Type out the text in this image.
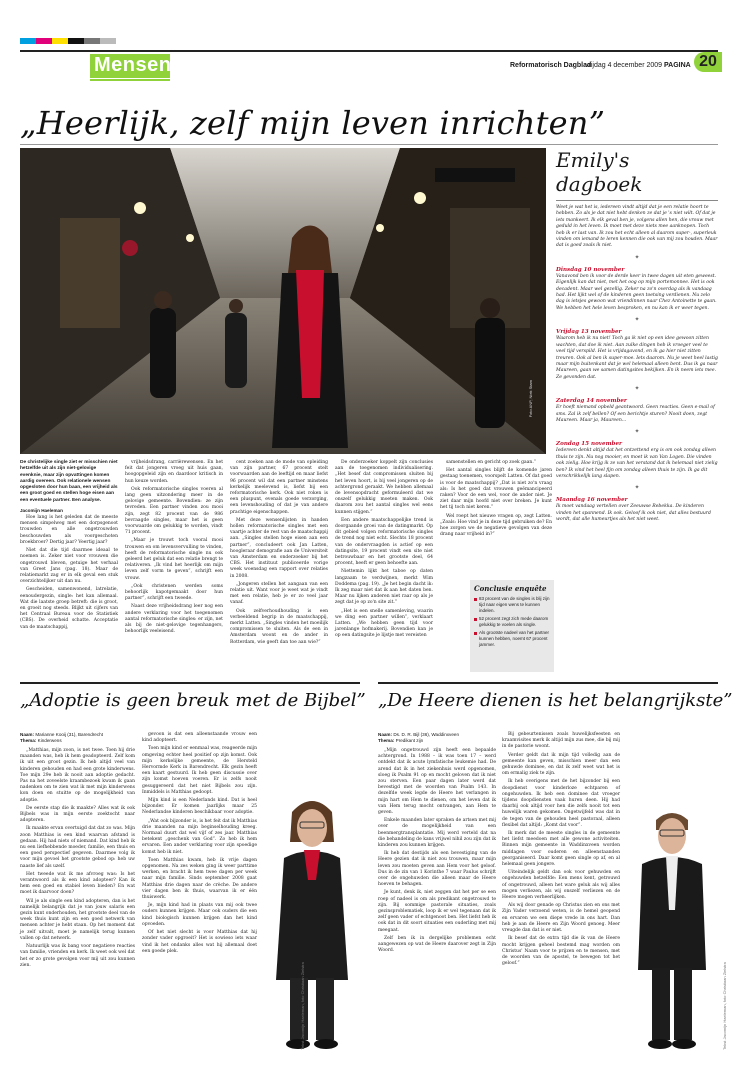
Mensen	Reformatorisch Dagblad
vrijdag 4 december 2009 PAGINA 20
„Heerlijk, zelf mijn leven inrichten”
Foto ANP, Niek Stam
Emily's dagboek
Weet je wat het is, iedereen vindt altijd dat je een relatie hoort te hebben. Zo als je dat niet hebt denken ze dat je 's niet wilt. Of dat je iets mankeert. Ik elk geval ben je, volgens allen hen, die vrouw met geduld in het leven. Ik moet met deze niets mee aanknopen. Toch heb ik er last van. Ik zou het echt alleen al daarom super-, superleuk vinden om iemand te leren kennen die ook van mij zou houden. Maar dat is goed zoals ik niet.
✦
Dinsdag 10 november
Vanavond ben ik voor de derde keer in twee dagen uit eten geweest. Eigenlijk kan dat niet, met het oog op mijn portemonnee. Het is ook decadent. Maar wel gezellig. Zeker na zo'n overdag als ik vandaag had. Het lijkt wel of de kinderen geen toetsing verdienen. Nu zelo dag is ietsjes gewoon wat vriendinnen naar Chez Antoinette te gaan. We hebben het hele leven besproken, en nu kan ik er weer tegen.
✦
Vrijdag 13 november
Waarom heb ik nu niet! Toch ga ik niet op een idee gewoon zitten wachten, dat doe ik niet. Aan zulke dingen heb ik vroeger veel te veel tijd verspild. Het is vrijdagavond, en ik ga hier niet zitten treuren. Ook al ben ik super-moe. Iets daarom. Nu je weet heel lastig maar mijn buitenkant dat je wel helemaal alleen bent. Dus ik ga naar Maureen, gaan we samen datingsites bekijken. En ik neem iets mee. Ze gevonden dat.
✦
Zaterdag 14 november
Er hoeft niemand opbeld geantwoord. Geen reacties. Geen e-mail of sms. Zal ik zelf bellen? Of een berichtje sturen? Nooit doen, zegt Maureen. Maar ja, Maureen...
✦
Zondag 15 november
Iedereen denkt altijd dat het ontzettend erg is om ook zondag alleen thuis te zijn. Nu nog mooier, en moet ik van Van Logen. Die vinden ook zielig. Hoe krijg ik ze van het verstand dat ik helemaal niet zielig ben? Ik vind het heel fijn om zondag alleen thuis te zijn. Ik ga dit verschrikkelijk lang slapen.
✦
Maandag 16 november
Ik moet vandaag vertellen over Zeeuwse Rebekka. De kinderen vinden het spannend. Ik ook. Geloof ik ook niet, dat alles bestuurd wordt, dat alle humeurtjes als het niet weet.
De christelijke single ziet er misschien niet hetzelfde uit als zijn niet-gelovige evenknie, maar zijn opvattingen komen aardig overeen. Ook relationele wensen opgesloten door hun baan, een vrijheid als een groot goed en stellen hoge eisen aan een eventuele partner. Een analyse.

Jacomijn Haeleman

Hoe lang is het geleden dat de meeste mensen simpelweg met een dorpsgenoot trouwden en alle ongetrouwden beschouwden als voorgeschoten broekbroer? Dertig jaar? Veertig jaar?

Niet dat die tijd daarmee ideaal te noemen is. Zeker niet voor vrouwen die ongetrouwd bleven, getuige het verhaal van Greet Jans (pag. 18). Maar de relatiemarkt zag er in elk geval een stuk overzichtelijker uit dan nu.

Gescheiden, samenwonend, latrelatie, eenoudergezin, single: het kan allemaal. Wat die laatste groep betreft: die is groot, en groeit nog steeds. Blijkt uit cijfers van het Centraal Bureau voor de Statistiek (CBS). De overheid schatte. Acceptatie van de maatschappij,

vrijheidsdrang, carrièrewensen. En het feit dat jongeren vroeg uit huis gaan, hoogopgeleid zijn en daardoor kritisch in hun keuze worden.

Ook reformatorische singles voeren al lang geen uitzondering meer in de gelovige gemeente. Bovendien: ze zijn tevreden. Een partner vinden zou mooi zijn, zegt 82 procent van de 986 bevraagde singles, maar het is geen voorwaarde om gelukkig te worden, vindt 71 procent.

„Maar je trouwt toch vooral mooi trouwen en om levensvervulling te vinden, heeft de reformatorische single nu ook geleerd het geluk dat een relatie brengt te relativeren. „Ik vind het heerlijk om mijn leven zelf vorm te geven”, schrijft een vrouw.

„Ook christenen werden soms behoorlijk kapotgemaakt door hun partner”, schrijft een tweede.

Naast deze vrijheidsdrang leer nog een andere verklaring voor het toegenomen aantal reformatorische singles: er zijn, net als bij de niet-gelovige tegenhangers, behoorlijk veeleisend.

cent zoeken aan de mode van opleiding van zijn partner, 67 procent stelt voorwaarden aan de leeftijd en maar liefst 96 procent wil dat een partner minstens kerkelijk meelevend is, liefst bij een reformatorische kerk. Ook niet roken is een pluspunt, evenals goede verzorging, een levenshouding of dat je van andere prachtige eigenschappen.

Met deze wensenlijsten in handen hollen reformatorische singles met een vaartje achter de rest van de maatschappij aan. „Singles stellen hoge eisen aan een partner”, concludeert ook Jan Latten, hoogleraar demografie aan de Universiteit van Amsterdam en onderzoeker bij het CBS. Het instituut publiceerde vorige week woensdag een rapport over relaties in 2008.

„Jongeren stellen het aangaan van een relatie uit. Want voor je weet wat je vindt met een relatie, heb je er zo veel jaar vanaf.

Ook zelfverhoudhouding is een verbeeldend begrip in de maatschappij, merkt Latten. „Singles vinden het moeilijk compromissen te sluiten. Als de een in Amsterdam woont en de ander in Rotterdam, wie geeft dan toe aan wie?”

De onderzoeker koppelt zijn conclusies aan de toegenomen individualisering. „Het besef dat compromissen sluiten bij het leven hoort, is bij veel jongeren op de achtergrond geraakt. We hebben allemaal de levensopdracht geformuleerd dat we onszelf gelukkig moeten maken. Ook daarom zou het aantal singles wel eens kunnen stijgen.”

Een andere maatschappelijke trend is doorgaande groei van de datingmarkt. Op dit gebied volgen reformatorische singles de trend nog niet echt. Slechts 18 procent van de ondervraagden is actief op een datingsite, 19 procent vindt een site niet betrouwbaar en het grootste deel, 64 procent, heeft er geen behoefte aan.

Niettemin lijkt het taboe op daten langzaam te verdwijnen, merkt Wim Doddema (pag. 19). „Je het begin dacht ik: Ik zeg maar niet dat ik aan het daten ben. Maar nu lijken anderen niet raar op als je zegt dat je op zo'n site zit.”

„Het is een snelle samenleving, waarin we ding een partner willen”, verklaart Latten. „We hebben geen tijd voor jarenlange hofmakerij. Bovendien kan je op een datingsite je lijstje met vereisten

samenstellen en gericht op zoek gaan.”

Het aantal singles blijft de komende jaren gestaag toenemen, voorspelt Latten. Of dat goed is voor de maatschappij? „Dat is niet zo'n vraag als: Is het goed dat vrouwen geëmancipeerd raken? Voor de een wel, voor de ander niet. Je ziet daar mijn hoofd niet over breken. Je kunt het tij toch niet keren.”

Wel roept het nieuwe vragen op, zegt Latten. „Zoals: Hoe vind je in deze tijd gebruiken de? En hoe zorgen we de negatieve gevolgen van deze drang naar vrijheid in?”

Conclusie enquête
83 procent van de singles is blij zijn tijd naar eigen wens te kunnen indelen.
52 procent zegt zich mede daarom gelukkig te voelen als single.
Als grootste nadeel van het partner kunnen hebben, noemt 67 procent jammer.
„Adoptie is geen breuk met de Bijbel”
Naam: Marianne Kooij (31), Barendrecht
Thema: Kinderwens

„Matthias, mijn zoon, is net twee. Toen hij drie maanden was, heb ik hem geadopteerd. Zelf kom ik uit een groot gezin. Ik heb altijd veel van kinderen gehouden en had een grote kinderwens. Toe mijn 29e heb ik nooit aan adoptie gedacht. Pas na het zoveelste kraambezoek kwam ik gaan nadenken om te zien wat ik met mijn kinderwens kon doen en stuitte op de mogelijkheid van adoptie.

De eerste stap die ik maakte? Alles wat ik ook Bijbels was in mijn eerste zoektocht naar adopteren.

Ik maakte ervan overtuigd dat dat zo was. Mijn zoon Matthias is een kind waarvan afstand is gedaan. Hij had niets of niemand. Dat kind heb ik nu een liefhebbende moeder, familie, een thuis en een goed perspectief gegeven. Daarmee volg ik voor mijn gevoel het grootste gebod op: heb uw naaste lief als uzelf.

Het tweede wat ik me afvroeg was: Is het verantwoord als ik een kind adopteer? Kan ik hem een goed en stabiel leven bieden? En wat moet ik daarvoor doen?

Wil je als single een kind adopteren, dan is het namelijk belangrijk dat je van jouw salaris een gezin kunt onderhouden, het grootste deel van de week thuis kunt zijn en een goed netwerk van mensen achter je hebt staan. Op het moment dat je zelf uitvalt, moet je namelijk terug kunnen vallen op dat netwerk.

Natuurlijk was ik bang voor negatieve reacties van familie, vrienden en kerk. Ik weet ook wel dat het er zo grote gevolgen voor mij uit zou kunnen zien.

gevoon is dat een alleenstaande vrouw een kind adopteert.

Toen mijn kind er eenmaal was, reageerde mijn omgeving echter heel positief op zijn komst. Ook mijn kerkelijke gemeente, de Hersteld Hervormde Kerk in Barendrecht. Elk gezin heeft een kaart gestuurd. Ik heb geen discussie over zijn komst hoeven voeren. Er is zelfs nooit gesuggereerd dat het niet Bijbels zou zijn. Inmiddels is Matthias gedoopt.

Mijn kind is een Nederlands kind. Dat is heel bijzonder. Er komen jaarlijks maar 25 Nederlandse kinderen beschikbaar voor adoptie.

„Wat ook bijzonder is, is het feit dat ik Matthias drie maanden na mijn beginselhouding kreeg. Normaal duurt dat wel vijf of zes jaar. Matthias betekent „geschenk van God”. Zo heb ik hem ervaren. Een ander verklaring voor zijn spoedige komst heb ik niet.

Toen Matthias kwam, heb ik vrije dagen opgenomen. Na zes weken ging ik weer parttime werken, en bracht ik hem twee dagen per week naar mijn familie. Sinds september 2008 gaat Matthias drie dagen naar de crèche. De andere vier dagen ben ik thuis, waarvan ik er één thuiswerk.

Je, mijn kind had in plaats van mij ook twee ouders kunnen krijgen. Maar ook ouders die een kind biologisch kunnen krijgen dan het kind opvoeden.

Of het niet slecht is voor Matthias dat hij zonder vader opgroeit? Het is sowieso iets waar vind ik het ondanks alles wat hij allemaal doet een goede plek.

Tekst Jacomijn Haeleman, foto Christiaan Zielstra
„De Heere dienen is het belangrijkste”
Naam: Ds. D. R. Bijl (36), Waddinxveen
Thema: Predikant zijn

„Mijn ongetrouwd zijn heeft een bepaalde achtergrond. In 1988 – ik was toen 17 – werd ontdekt dat ik acute lymfatische leukemie had. De arend dat ik in het ziekenhuis werd opgenomen, sloeg ik Psalm 91 op en mocht geloven dat ik niet zou sterven. Een paar dagen later werd dat bevestigd met de woorden van Psalm 143. In dezelfde week legde de Heere het verlangen in mijn hart om Hem te dienen, om het leven dat ik van Hem terug mocht ontvangen, aan Hem te geven.

Enkele maanden later spraken de artsen met mij over de mogelijkheid van een beenmergtransplantatie. Mij werd verteld dat na die behandeling de kans vrijwel nihil zou zijn dat ik kinderen zou kunnen krijgen.

Ik heb dat destijds als een bevestiging van de Heere gezien dat ik niet zou trouwen, maar mijn leven zou moeten geven aan Hem voor het geloof. Dus in de zin van 1 Korinthe 7 waar Paulus schrijft over de ongehuwden die alleen maar de Heere hoeven te behagen.

Je kunt, denk ik, niet zeggen dat het per se een roep of nadeel is om als predikant ongetrouwd te zijn. Bij sommige pastorale situaties, zoals gezinsproblematiek, loop ik er wel tegenaan dat ik zelf geen vader of echtgenoot ben. Het liefst heb ik ook dat in dit soort situaties een ouderling met mij meegaat.

Zelf ben ik in dergelijke problemen echt aangewezen op wat de Heere daarover zegt in Zijn Woord.

Bij gebeurtenissen zoals huwelijksfeesten en kraamvisites merk ik altijd mijn zus mee, die bij mij in de pastorie woont.

Verder geldt dat ik mijn tijd volledig aan de gemeente kan geven, misschien meer dan een gehuwde dominee, en dat ik zelf weet wat het is om ermalig ziek te zijn.

Ik heb overigens met de het bijzonder bij een doopdienst voor kinderloze echtparen of ongehuwden. Ik heb een dominee dat vroeger tijdens doopdiensten vaak huren deen. Hij had daarbij ook altijd voor hen die zelfs nooit tot een huwelijk waren gekomen. Ongetwijfeld was dat in de tegen van de gehouden heel pastoraal, alleen flexibel dat altijd: „Komt dat voor”.

Ik merk dat de meeste singles in de gemeente het liefst meedoen met alle gewone activiteiten. Binnen mijn gemeente in Waddinxveen worden middagen voor ouderen en alleenstaanden georganiseerd. Daar komt geen single op af, en al helemaal geen jongere.

Uiteindelijk geldt dan ook voor gehuwden en ongehuwden hetzelfde: Een mens kent, getrouwd of ongetrouwd, alleen het ware geluk als wij alles mogen verliezen, als wij onszelf verliezen en de Heere mogen verheerlijken.

Als wij door genade op Christus zien en ons met Zijn Vader verzoend weten, is de hemel geopend en ervaren we een diepe vrede in ons hart. Dan heb je aan de Heere en Zijn Woord genoeg. Meer vreugde dan dat is er niet.

Ik besef dat de extra tijd die ik van de Heere mocht krijgen geheel bestemd mag worden om Christus' Naam voor te prijzen en te mensen, met de woorden van de apostel, te bewegen tot het geloof.”	Tekst Jacomijn Haeleman, foto Christiaan Zielstra
